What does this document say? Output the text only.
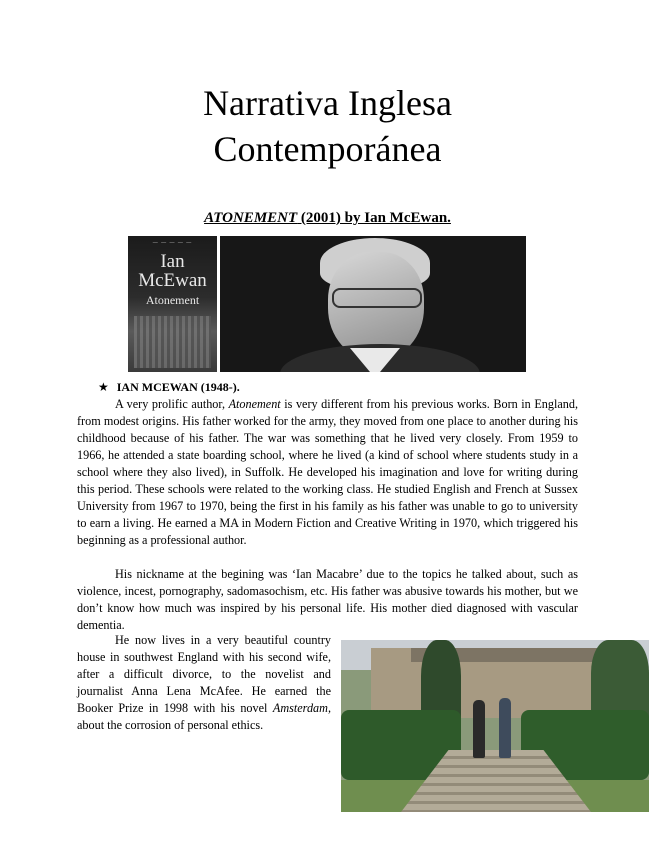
Narrativa Inglesa
Contemporánea
ATONEMENT (2001) by Ian McEwan.
— — — — —
Ian McEwan
Atonement
★ IAN MCEWAN (1948-).

A very prolific author, Atonement is very different from his previous works. Born in England, from modest origins. His father worked for the army, they moved from one place to another during his childhood because of his father. The war was something that he lived very closely. From 1959 to 1966, he attended a state boarding school, where he lived (a kind of school where students study in a school where they also lived), in Suffolk. He developed his imagination and love for writing during this period. These schools were related to the working class. He studied English and French at Sussex University from 1967 to 1970, being the first in his family as his father was unable to go to university to earn a living. He earned a MA in Modern Fiction and Creative Writing in 1970, which triggered his beginning as a professional author.

His nickname at the begining was ‘Ian Macabre’ due to the topics he talked about, such as violence, incest, pornography, sadomasochism, etc. His father was abusive towards his mother, but we don’t know how much was inspired by his personal life. His mother died diagnosed with vascular dementia.

He now lives in a very beautiful country house in southwest England with his second wife, after a difficult divorce, to the novelist and journalist Anna Lena McAfee. He earned the Booker Prize in 1998 with his novel Amsterdam, about the corrosion of personal ethics.
